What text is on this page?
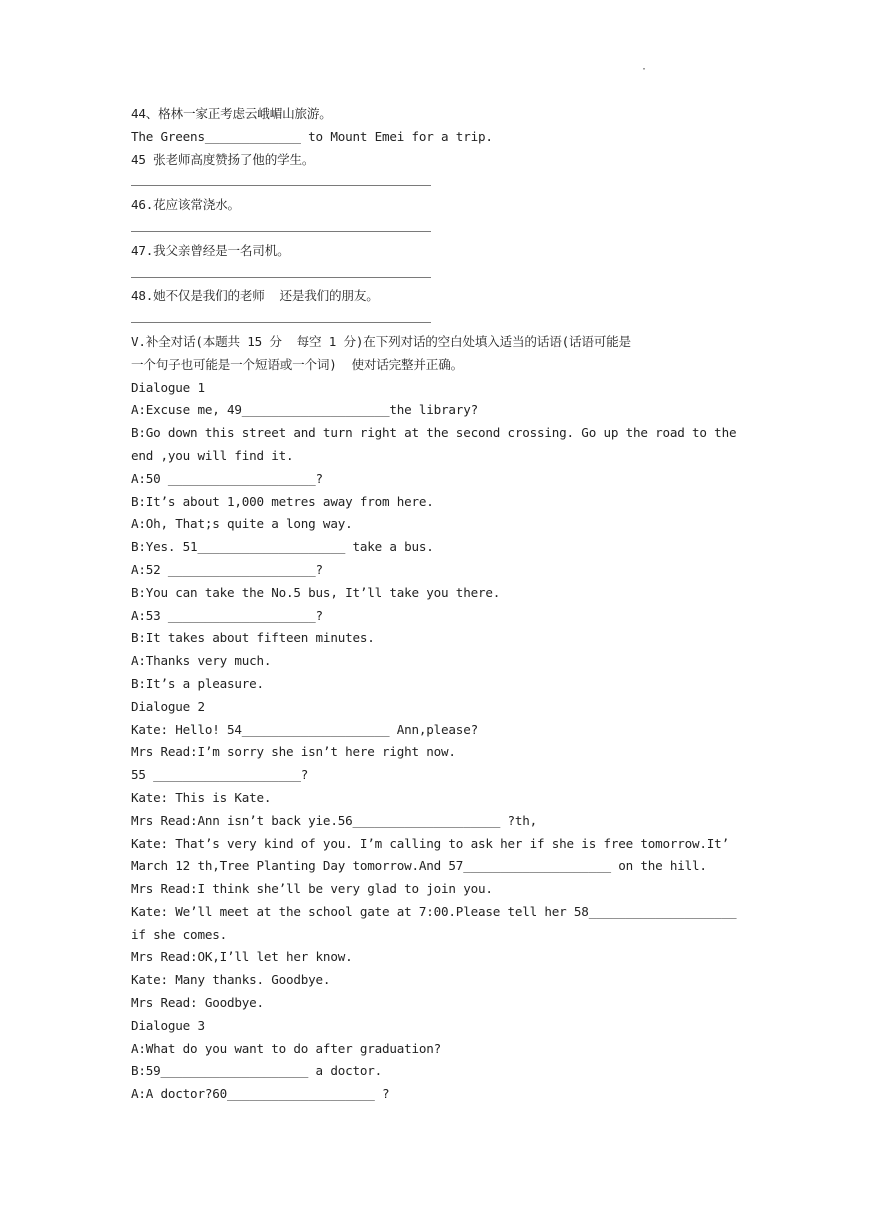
·
44、格林一家正考虑云峨嵋山旅游。
The Greens_____________ to Mount Emei for a trip.
45 张老师高度赞扬了他的学生。
46.花应该常浇水。
47.我父亲曾经是一名司机。
48.她不仅是我们的老师  还是我们的朋友。
V.补全对话(本题共 15 分  每空 1 分)在下列对话的空白处填入适当的话语(话语可能是
一个句子也可能是一个短语或一个词)  使对话完整并正确。
Dialogue 1
A:Excuse me, 49____________________the library?
B:Go down this street and turn right at the second crossing. Go up the road to the
end ,you will find it.
A:50 ____________________?
B:It’s about 1,000 metres away from here.
A:Oh, That;s quite a long way.
B:Yes. 51____________________ take a bus.
A:52 ____________________?
B:You can take the No.5 bus, It’ll take you there.
A:53 ____________________?
B:It takes about fifteen minutes.
A:Thanks very much.
B:It’s a pleasure.
Dialogue 2
Kate: Hello! 54____________________ Ann,please?
Mrs Read:I’m sorry she isn’t here right now.
55 ____________________?
Kate: This is Kate.
Mrs Read:Ann isn’t back yie.56____________________ ?th,
Kate: That’s very kind of you. I’m calling to ask her if she is free tomorrow.It’
March 12 th,Tree Planting Day tomorrow.And 57____________________ on the hill.
Mrs Read:I think she’ll be very glad to join you.
Kate: We’ll meet at the school gate at 7:00.Please tell her 58____________________
if she comes.
Mrs Read:OK,I’ll let her know.
Kate: Many thanks. Goodbye.
Mrs Read: Goodbye.
Dialogue 3
A:What do you want to do after graduation?
B:59____________________ a doctor.
A:A doctor?60____________________ ?
